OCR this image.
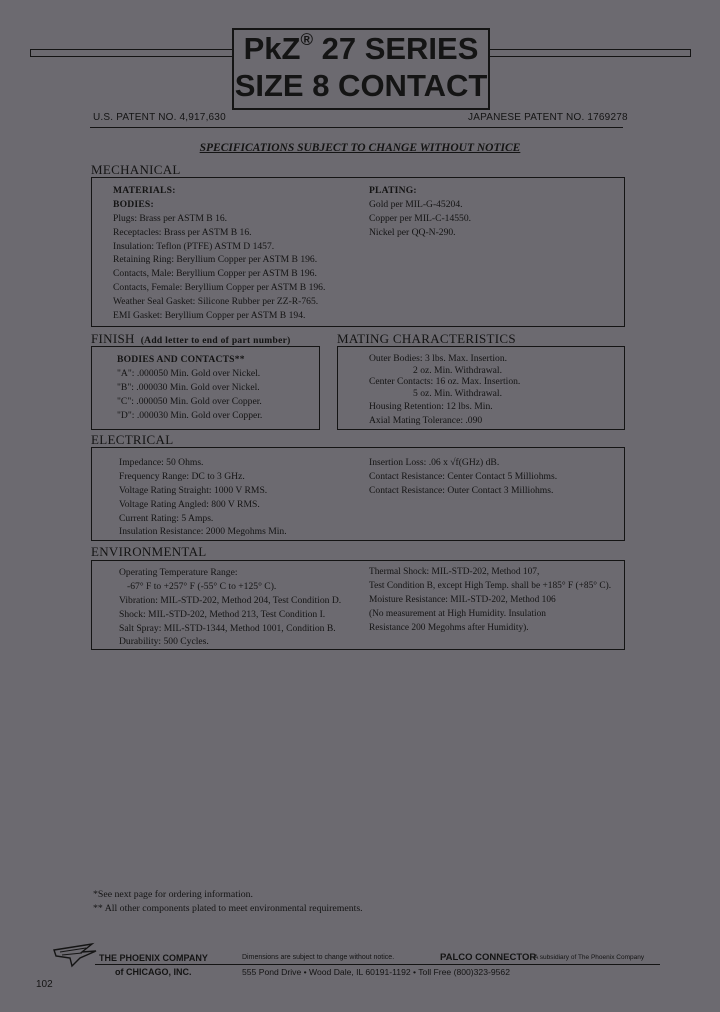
PkZ® 27 SERIES
SIZE 8 CONTACT
U.S. PATENT NO. 4,917,630	JAPANESE PATENT NO. 1769278
SPECIFICATIONS SUBJECT TO CHANGE WITHOUT NOTICE
MECHANICAL
MATERIALS:
BODIES:
Plugs: Brass per ASTM B 16.
Receptacles: Brass per ASTM B 16.
Insulation: Teflon (PTFE) ASTM D 1457.
Retaining Ring: Beryllium Copper per ASTM B 196.
Contacts, Male: Beryllium Copper per ASTM B 196.
Contacts, Female: Beryllium Copper per ASTM B 196.
Weather Seal Gasket: Silicone Rubber per ZZ-R-765.
EMI Gasket: Beryllium Copper per ASTM B 194.
PLATING:
Gold per MIL-G-45204.
Copper per MIL-C-14550.
Nickel per QQ-N-290.
FINISH (Add letter to end of part number)
BODIES AND CONTACTS**
"A": .000050 Min. Gold over Nickel.
"B": .000030 Min. Gold over Nickel.
"C": .000050 Min. Gold over Copper.
"D": .000030 Min. Gold over Copper.
MATING CHARACTERISTICS
Outer Bodies: 3 lbs. Max. Insertion.
2 oz. Min. Withdrawal.
Center Contacts: 16 oz. Max. Insertion.
5 oz. Min. Withdrawal.
Housing Retention: 12 lbs. Min.
Axial Mating Tolerance: .090
ELECTRICAL
Impedance: 50 Ohms.
Frequency Range: DC to 3 GHz.
Voltage Rating Straight: 1000 V RMS.
Voltage Rating Angled: 800 V RMS.
Current Rating: 5 Amps.
Insulation Resistance: 2000 Megohms Min.
Insertion Loss: .06 x √f(GHz) dB.
Contact Resistance: Center Contact 5 Milliohms.
Contact Resistance: Outer Contact 3 Milliohms.
ENVIRONMENTAL
Operating Temperature Range:
-67° F to +257° F (-55° C to +125° C).
Vibration: MIL-STD-202, Method 204, Test Condition D.
Shock: MIL-STD-202, Method 213, Test Condition I.
Salt Spray: MIL-STD-1344, Method 1001, Condition B.
Durability: 500 Cycles.
Thermal Shock: MIL-STD-202, Method 107,
Test Condition B, except High Temp. shall be +185° F (+85° C).
Moisture Resistance: MIL-STD-202, Method 106
(No measurement at High Humidity. Insulation
Resistance 200 Megohms after Humidity).
*See next page for ordering information.
** All other components plated to meet environmental requirements.
THE PHOENIX COMPANY
of CHICAGO, INC.
Dimensions are subject to change without notice.
555 Pond Drive • Wood Dale, IL 60191-1192 • Toll Free (800)323-9562
PALCO CONNECTOR
A subsidiary of The Phoenix Company
102
